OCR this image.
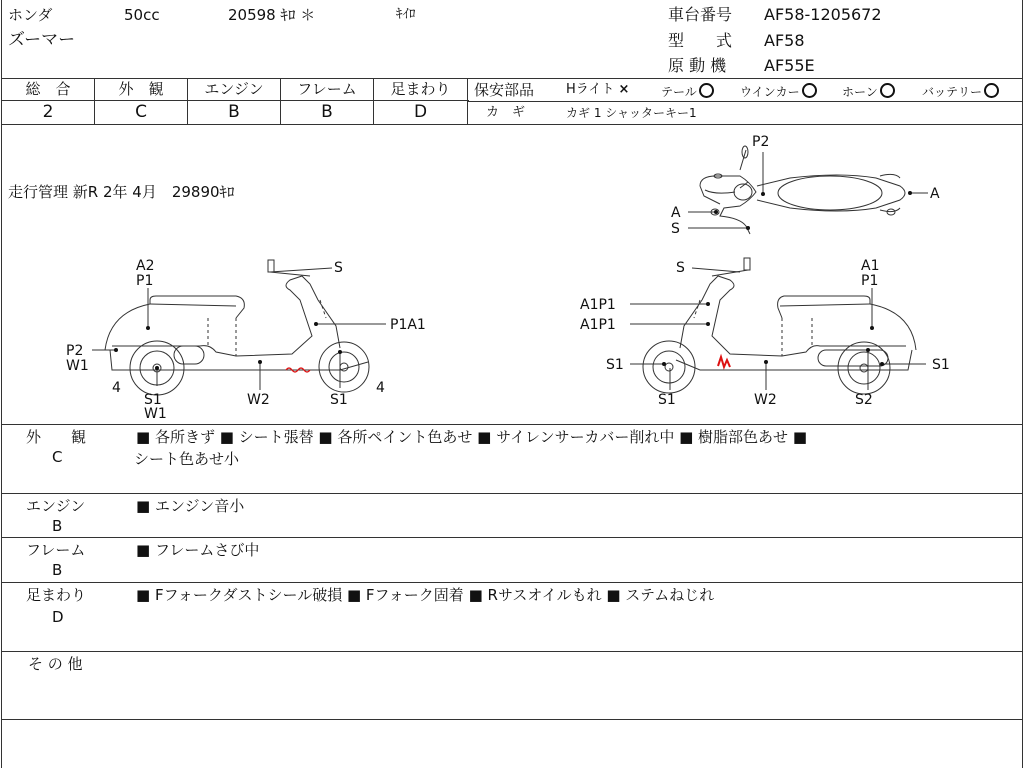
ホンダ	50cc	20598 ｷﾛ ＊	ｷｲﾛ
ズーマー
車台番号 AF58-1205672
型　　式 AF58
原 動 機 AF55E
総　合	外　観	エンジン	フレーム	足まわり
2	C	B	B	D
保安部品 Hライト ×	テール	ウインカー	ホーン	バッテリー
カ　ギ	カギ 1 シャッターキー1
走行管理 新R 2年 4月　29890ｷﾛ
P2
A
A
S
A2
P1
S
P1A1
P2
W1
4
S1
W1
W2	S1
4
S	A1
P1
A1P1
A1P1
S1	S1
S1	W2	S2
外　　観
C
■ 各所きず ■ シート張替 ■ 各所ペイント色あせ ■ サイレンサーカバー削れ中 ■ 樹脂部色あせ ■
シート色あせ小
エンジン
B
■ エンジン音小
フレーム
B
■ フレームさび中
足まわり
D
■ Fフォークダストシール破損 ■ Fフォーク固着 ■ Rサスオイルもれ ■ ステムねじれ
そ の 他
